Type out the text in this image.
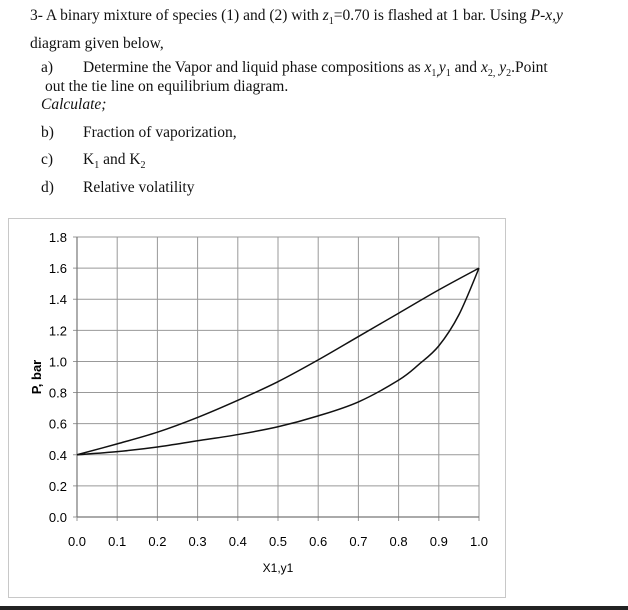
3- A binary mixture of species (1) and (2) with $z_1=0.70$ is flashed at 1 bar. Using P-x,y
diagram given below,
a) Determine the Vapor and liquid phase compositions as $x_{1,}y_1$ and $x_{2,}$ $y_2.Point$
out the tie line on equilibrium diagram.
Calculate;
b) Fraction of vaporization,
c) $K_1$ and $K_2$
d) Relative volatility
0.0 0.1 0.2 0.3 0.4 0.5 0.6 0.7 0.8 0.9 1.0
0.0
0.2
0.4
0.6
0.8
1.0
1.2
1.4
1.6
1.8
X1,y1
P, bar
